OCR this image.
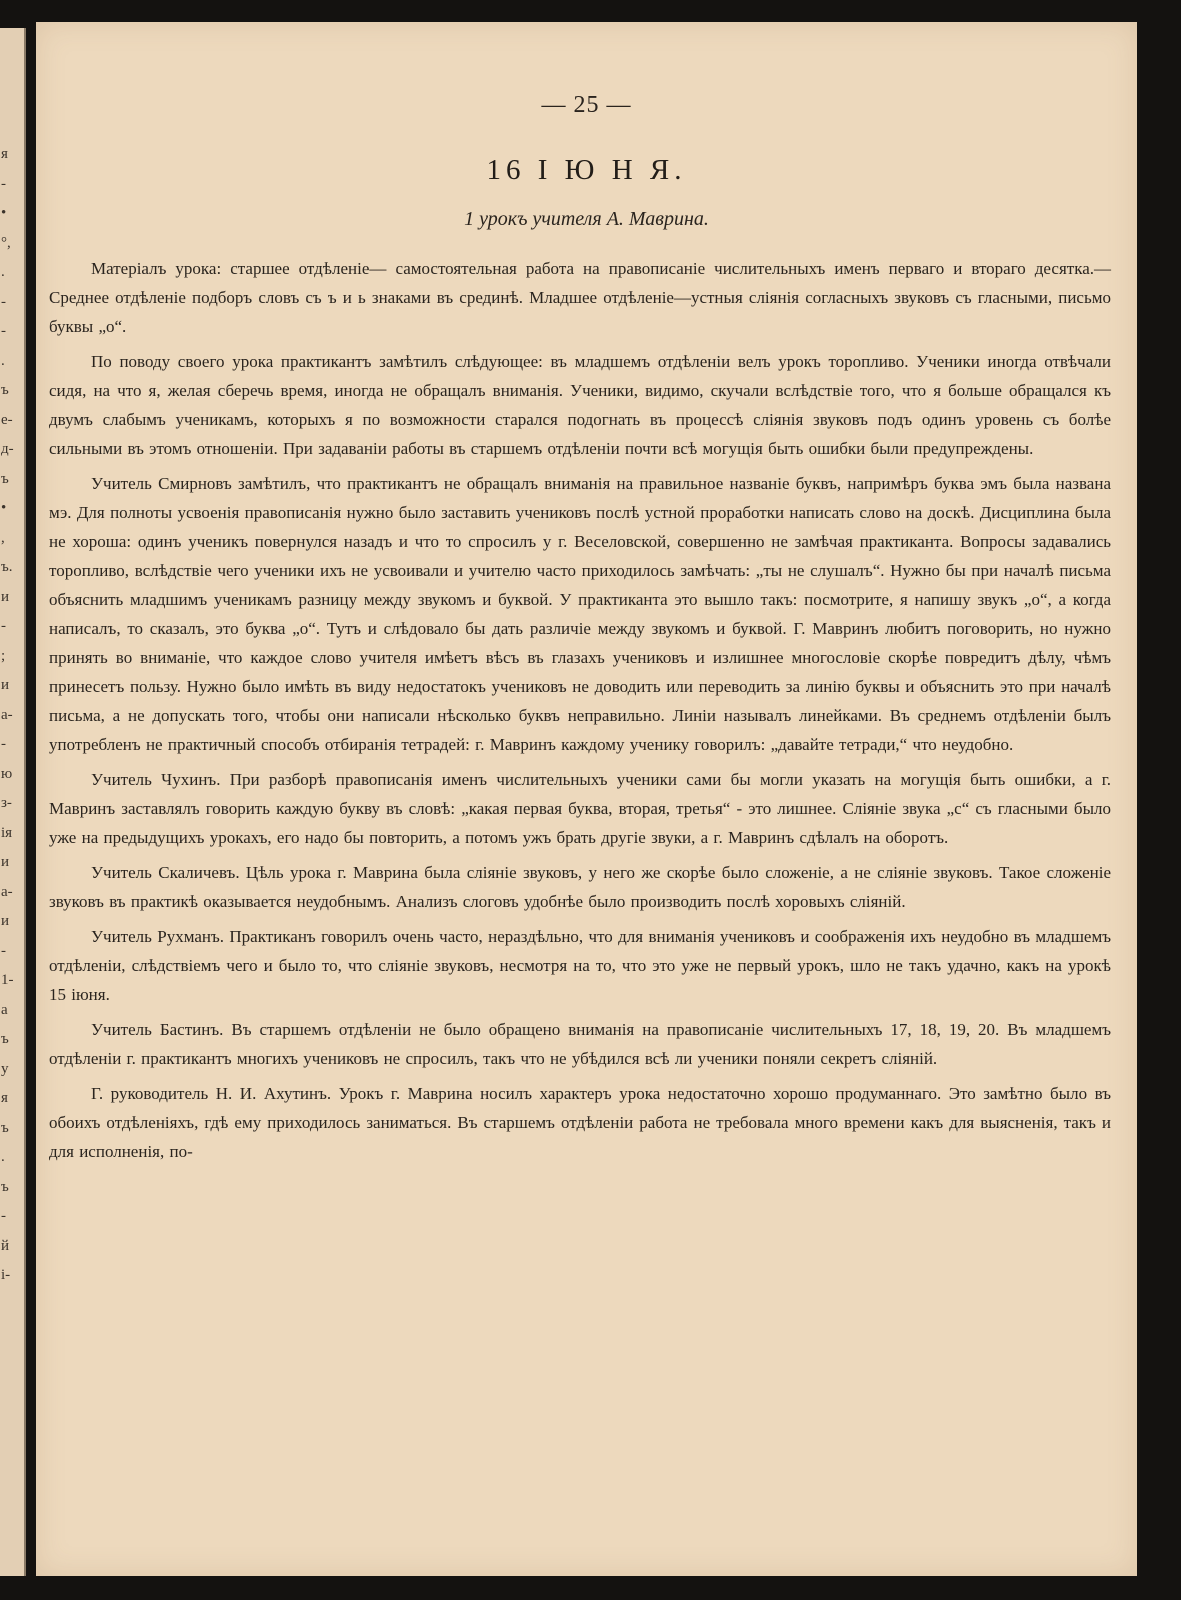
я
-
•
°,
.
-
-
.
ъ
е-
д-
ъ
•
,
ъ.
и
-
;
и
а-
-
ю
з-
ія
и
а-
и
-
1-
а
ъ
у
я
ъ
.
ъ
-
й
і-
— 25 —
16 І Ю Н Я.
1 урокъ учителя А. Маврина.

Матеріалъ урока: старшее отдѣленіе— самостоятельная работа на правописаніе числительныхъ именъ перваго и втораго десятка.—Среднее отдѣленіе подборъ словъ съ ъ и ь знаками въ срединѣ. Младшее отдѣленіе—устныя сліянія согласныхъ звуковъ съ гласными, письмо буквы „о“.

По поводу своего урока практикантъ замѣтилъ слѣдующее: въ младшемъ отдѣленіи велъ урокъ торопливо. Ученики иногда отвѣчали сидя, на что я, желая сберечь время, иногда не обращалъ вниманія. Ученики, видимо, скучали вслѣдствіе того, что я больше обращался къ двумъ слабымъ ученикамъ, которыхъ я по возможности старался подогнать въ процессѣ сліянія звуковъ подъ одинъ уровень съ болѣе сильными въ этомъ отношеніи. При задаваніи работы въ старшемъ отдѣленіи почти всѣ могущія быть ошибки были предупреждены.

Учитель Смирновъ замѣтилъ, что практикантъ не обращалъ вниманія на правильное названіе буквъ, напримѣръ буква эмъ была названа мэ. Для полноты усвоенія правописанія нужно было заставить учениковъ послѣ устной проработки написать слово на доскѣ. Дисциплина была не хороша: одинъ ученикъ повернулся назадъ и что то спросилъ у г. Веселовской, совершенно не замѣчая практиканта. Вопросы задавались торопливо, вслѣдствіе чего ученики ихъ не усвоивали и учителю часто приходилось замѣчать: „ты не слушалъ“. Нужно бы при началѣ письма объяснить младшимъ ученикамъ разницу между звукомъ и буквой. У практиканта это вышло такъ: посмотрите, я напишу звукъ „о“, а когда написалъ, то сказалъ, это буква „о“. Тутъ и слѣдовало бы дать различіе между звукомъ и буквой. Г. Мавринъ любитъ поговорить, но нужно принять во вниманіе, что каждое слово учителя имѣетъ вѣсъ въ глазахъ учениковъ и излишнее многословіе скорѣе повредитъ дѣлу, чѣмъ принесетъ пользу. Нужно было имѣть въ виду недостатокъ учениковъ не доводить или переводить за линію буквы и объяснить это при началѣ письма, а не допускать того, чтобы они написали нѣсколько буквъ неправильно. Линіи называлъ линейками. Въ среднемъ отдѣленіи былъ употребленъ не практичный способъ отбиранія тетрадей: г. Мавринъ каждому ученику говорилъ: „давайте тетради,“ что неудобно.

Учитель Чухинъ. При разборѣ правописанія именъ числительныхъ ученики сами бы могли указать на могущія быть ошибки, а г. Мавринъ заставлялъ говорить каждую букву въ словѣ: „какая первая буква, вторая, третья“ - это лишнее. Сліяніе звука „с“ съ гласными было уже на предыдущихъ урокахъ, его надо бы повторить, а потомъ ужъ брать другіе звуки, а г. Мавринъ сдѣлалъ на оборотъ.

Учитель Скаличевъ. Цѣль урока г. Маврина была сліяніе звуковъ, у него же скорѣе было сложеніе, а не сліяніе звуковъ. Такое сложеніе звуковъ въ практикѣ оказывается неудобнымъ. Анализъ слоговъ удобнѣе было производить послѣ хоровыхъ сліяній.

Учитель Рухманъ. Практиканъ говорилъ очень часто, нераздѣльно, что для вниманія учениковъ и соображенія ихъ неудобно въ младшемъ отдѣленіи, слѣдствіемъ чего и было то, что сліяніе звуковъ, несмотря на то, что это уже не первый урокъ, шло не такъ удачно, какъ на урокѣ 15 іюня.

Учитель Бастинъ. Въ старшемъ отдѣленіи не было обращено вниманія на правописаніе числительныхъ 17, 18, 19, 20. Въ младшемъ отдѣленіи г. практикантъ многихъ учениковъ не спросилъ, такъ что не убѣдился всѣ ли ученики поняли секретъ сліяній.

Г. руководитель Н. И. Ахутинъ. Урокъ г. Маврина носилъ характеръ урока недостаточно хорошо продуманнаго. Это замѣтно было въ обоихъ отдѣленіяхъ, гдѣ ему приходилось заниматься. Въ старшемъ отдѣленіи работа не требовала много времени какъ для выясненія, такъ и для исполненія, по-
